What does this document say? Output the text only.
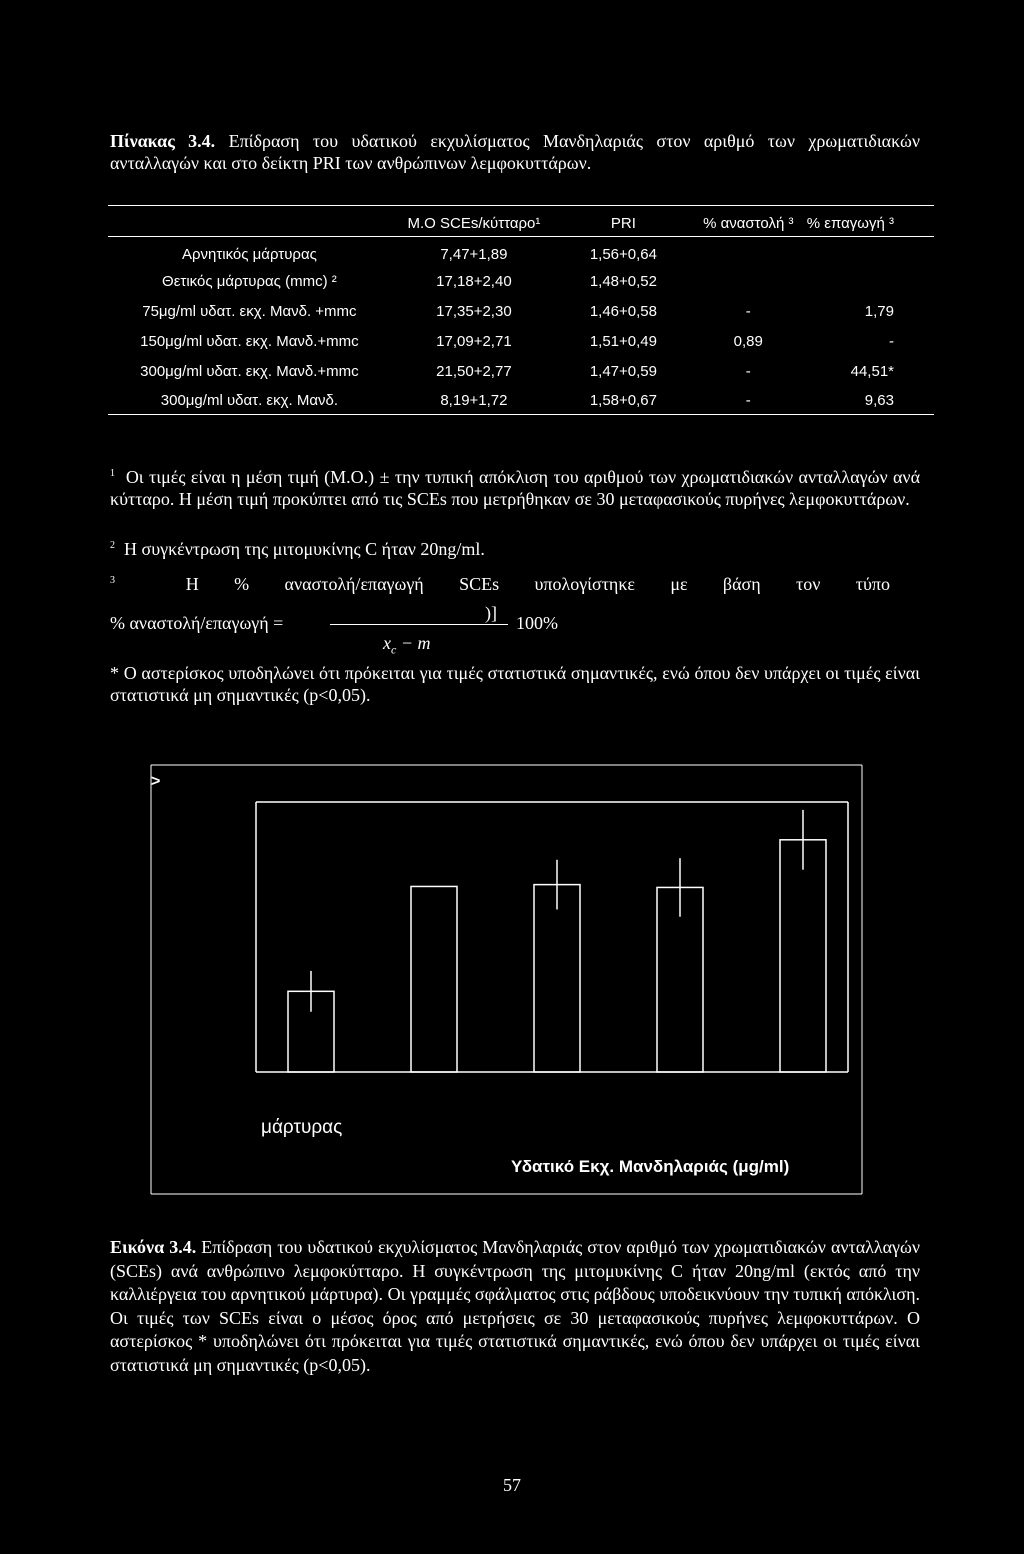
Πίνακας 3.4. Επίδραση του υδατικού εκχυλίσματος Μανδηλαριάς στον αριθμό των χρωματιδιακών ανταλλαγών και στο δείκτη PRI των ανθρώπινων λεμφοκυττάρων.
	Μ.Ο SCEs/κύτταρο¹	PRI	% αναστολή ³	% επαγωγή ³
Αρνητικός μάρτυρας	7,47+1,89	1,56+0,64		
Θετικός μάρτυρας (mmc) ²	17,18+2,40	1,48+0,52		
75μg/ml υδατ. εκχ. Μανδ. +mmc	17,35+2,30	1,46+0,58	-	1,79
150μg/ml υδατ. εκχ. Μανδ.+mmc	17,09+2,71	1,51+0,49	0,89	-
300μg/ml υδατ. εκχ. Μανδ.+mmc	21,50+2,77	1,47+0,59	-	44,51*
300μg/ml υδατ. εκχ. Μανδ.	8,19+1,72	1,58+0,67	-	9,63
$^1$ Οι τιμές είναι η μέση τιμή (Μ.Ο.) ± την τυπική απόκλιση του αριθμού των χρωματιδιακών ανταλλαγών ανά κύτταρο. Η μέση τιμή προκύπτει από τις SCEs που μετρήθηκαν σε 30 μεταφασικούς πυρήνες λεμφοκυττάρων.
$^2$ Η συγκέντρωση της μιτομυκίνης C ήταν 20ng/ml.
$^3$	Η % αναστολή/επαγωγή SCEs υπολογίστηκε με βάση τον τύπο
% αναστολή/επαγωγή =	)]
$x_c - m$
100%
* Ο αστερίσκος υποδηλώνει ότι πρόκειται για τιμές στατιστικά σημαντικές, ενώ όπου δεν υπάρχει οι τιμές είναι στατιστικά μη σημαντικές (p<0,05).
>
μάρτυρας
Υδατικό Εκχ. Μανδηλαριάς (μg/ml)
Εικόνα 3.4. Επίδραση του υδατικού εκχυλίσματος Μανδηλαριάς στον αριθμό των χρωματιδιακών ανταλλαγών (SCEs) ανά ανθρώπινο λεμφοκύτταρο. Η συγκέντρωση της μιτομυκίνης C ήταν 20ng/ml (εκτός από την καλλιέργεια του αρνητικού μάρτυρα). Οι γραμμές σφάλματος στις ράβδους υποδεικνύουν την τυπική απόκλιση. Οι τιμές των SCEs είναι ο μέσος όρος από μετρήσεις σε 30 μεταφασικούς πυρήνες λεμφοκυττάρων. Ο αστερίσκος * υποδηλώνει ότι πρόκειται για τιμές στατιστικά σημαντικές, ενώ όπου δεν υπάρχει οι τιμές είναι στατιστικά μη σημαντικές (p<0,05).
57
